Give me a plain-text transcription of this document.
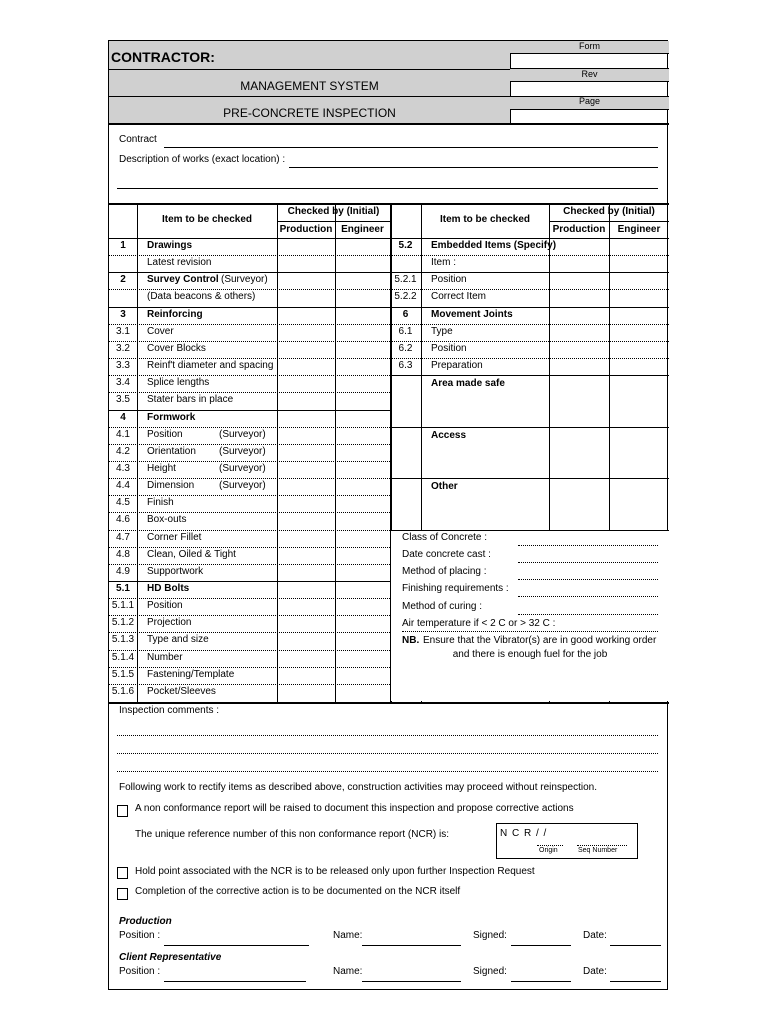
CONTRACTOR:
MANAGEMENT SYSTEM
PRE-CONCRETE INSPECTION
Form
Rev
Page
Contract
Description of works (exact location) :
Item to be checked
Checked by (Initial)
Production Engineer
Item to be checked
Checked by (Initial)
Production	Engineer
1	Drawings
Latest revision
2	Survey Control (Surveyor)
(Data beacons & others)
3	Reinforcing
3.1	Cover
3.2	Cover Blocks
3.3	Reinf't diameter and spacing
3.4	Splice lengths
3.5	Stater bars in place
4	Formwork
4.1	Position	(Surveyor)
4.2	Orientation (Surveyor)
4.3	Height	(Surveyor)
4.4	Dimension (Surveyor)
4.5	Finish
4.6	Box-outs
4.7	Corner Fillet
4.8	Clean, Oiled & Tight
4.9	Supportwork
5.1	HD Bolts
5.1.1 Position
5.1.2 Projection
5.1.3 Type and size
5.1.4 Number
5.1.5 Fastening/Template
5.1.6 Pocket/Sleeves
5.2	Embedded Items (Specify)
Item :
5.2.1	Position
5.2.2	Correct Item
6	Movement Joints
6.1	Type
6.2	Position
6.3	Preparation
Area made safe
Access
Other
Class of Concrete :
Date concrete cast :
Method of placing :
Finishing requirements :
Method of curing :
Air temperature if < 2 C or > 32 C :
NB. Ensure that the Vibrator(s) are in good working order
and there is enough fuel for the job
Inspection comments :
Following work to rectify items as described above, construction activities may proceed without reinspection.
A non conformance report will be raised to document this inspection and propose corrective actions
The unique reference number of this non conformance report (NCR) is:	N C R / /
Origin	Seq Number
Hold point associated with the NCR is to be released only upon further Inspection Request
Completion of the corrective action is to be documented on the NCR itself
Production
Position :	Name:	Signed:	Date:
Client Representative
Position :	Name:	Signed:	Date:
